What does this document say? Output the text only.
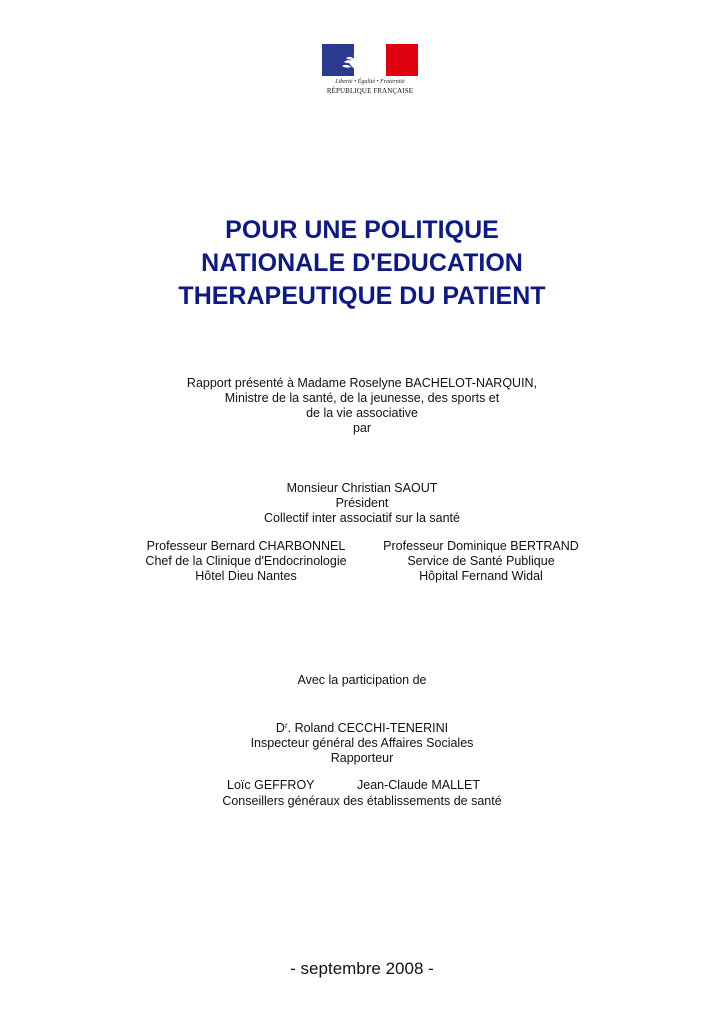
Liberté • Égalité • Fraternité
RÉPUBLIQUE FRANÇAISE
POUR UNE POLITIQUE
NATIONALE D'EDUCATION
THERAPEUTIQUE DU PATIENT
Rapport présenté à Madame Roselyne BACHELOT-NARQUIN,
Ministre de la santé, de la jeunesse, des sports et
de la vie associative
par
Monsieur Christian SAOUT
Président
Collectif inter associatif sur la santé
Professeur Bernard CHARBONNEL
Chef de la Clinique d'Endocrinologie
Hôtel Dieu Nantes
Professeur Dominique BERTRAND
Service de Santé Publique
Hôpital Fernand Widal
Avec la participation de
$D^r$. Roland CECCHI-TENERINI
Inspecteur général des Affaires Sociales
Rapporteur
Loïc GEFFROY	Jean-Claude MALLET
Conseillers généraux des établissements de santé
- septembre 2008 -
